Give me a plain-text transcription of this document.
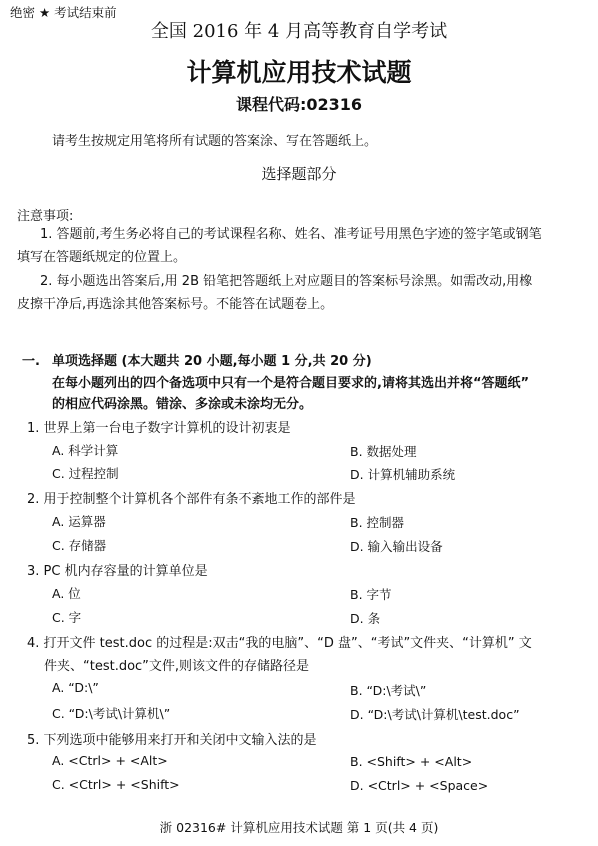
绝密 ★ 考试结束前
全国 2016 年 4 月高等教育自学考试
计算机应用技术试题
课程代码:02316
请考生按规定用笔将所有试题的答案涂、写在答题纸上。
选择题部分
注意事项:
1. 答题前,考生务必将自己的考试课程名称、姓名、准考证号用黑色字迹的签字笔或钢笔
填写在答题纸规定的位置上。
2. 每小题选出答案后,用 2B 铅笔把答题纸上对应题目的答案标号涂黑。如需改动,用橡
皮擦干净后,再选涂其他答案标号。不能答在试题卷上。
一. 单项选择题 (本大题共 20 小题,每小题 1 分,共 20 分)
在每小题列出的四个备选项中只有一个是符合题目要求的,请将其选出并将“答题纸”
的相应代码涂黑。错涂、多涂或未涂均无分。
1. 世界上第一台电子数字计算机的设计初衷是
A. 科学计算	B. 数据处理
C. 过程控制	D. 计算机辅助系统
2. 用于控制整个计算机各个部件有条不紊地工作的部件是
A. 运算器	B. 控制器
C. 存储器	D. 输入输出设备
3. PC 机内存容量的计算单位是
A. 位	B. 字节
C. 字	D. 条
4. 打开文件 test.doc 的过程是:双击“我的电脑”、“D 盘”、“考试”文件夹、“计算机” 文
件夹、“test.doc”文件,则该文件的存储路径是
A. “D:\”	B. “D:\考试\”
C. “D:\考试\计算机\”	D. “D:\考试\计算机\test.doc”
5. 下列选项中能够用来打开和关闭中文输入法的是
A. <Ctrl> + <Alt>	B. <Shift> + <Alt>
C. <Ctrl> + <Shift>	D. <Ctrl> + <Space>
浙 02316# 计算机应用技术试题 第 1 页(共 4 页)
